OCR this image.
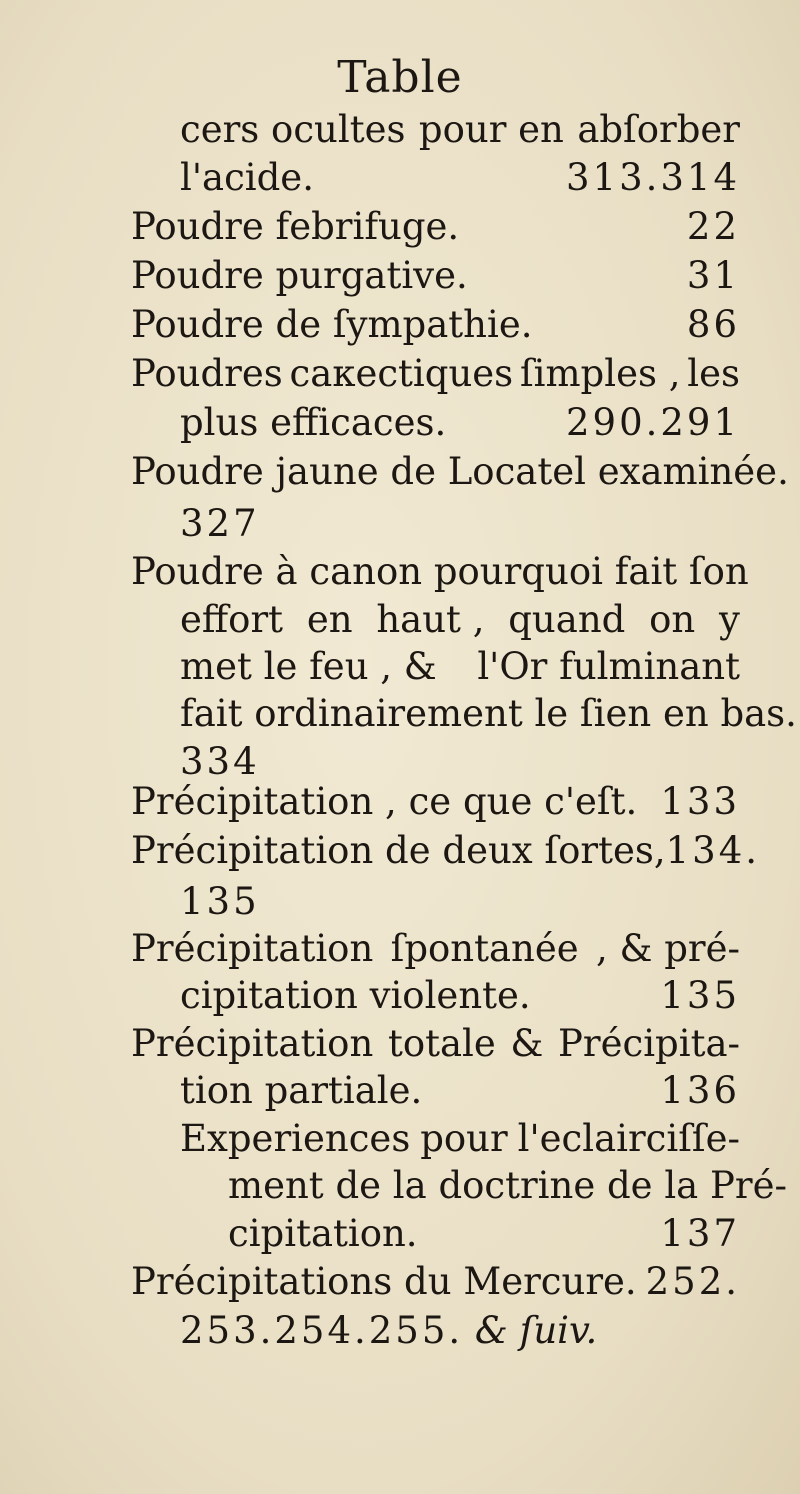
Table
cers ocultes pour en abſorber
l'acide.	313.314
Poudre febrifuge.	22
Poudre purgative.	31
Poudre de ſympathie.	86
Poudres caκectiques ſimples , les
plus efficaces.	290.291
Poudre jaune de Locatel examinée.
327
Poudre à canon pourquoi fait ſon
effort en haut , quand on y
met le feu , & l'Or fulminant
fait ordinairement le ſien en bas.
334
Précipitation , ce que c'eſt. 133
Précipitation de deux ſortes, 134.
135
Précipitation ſpontanée , & pré-
cipitation violente.	135
Précipitation totale & Précipita-
tion partiale.	136
Experiences pour l'eclairciſſe-
ment de la doctrine de la Pré-
cipitation.	137
Précipitations du Mercure. 252.
253.254.255. & ſuiv.
